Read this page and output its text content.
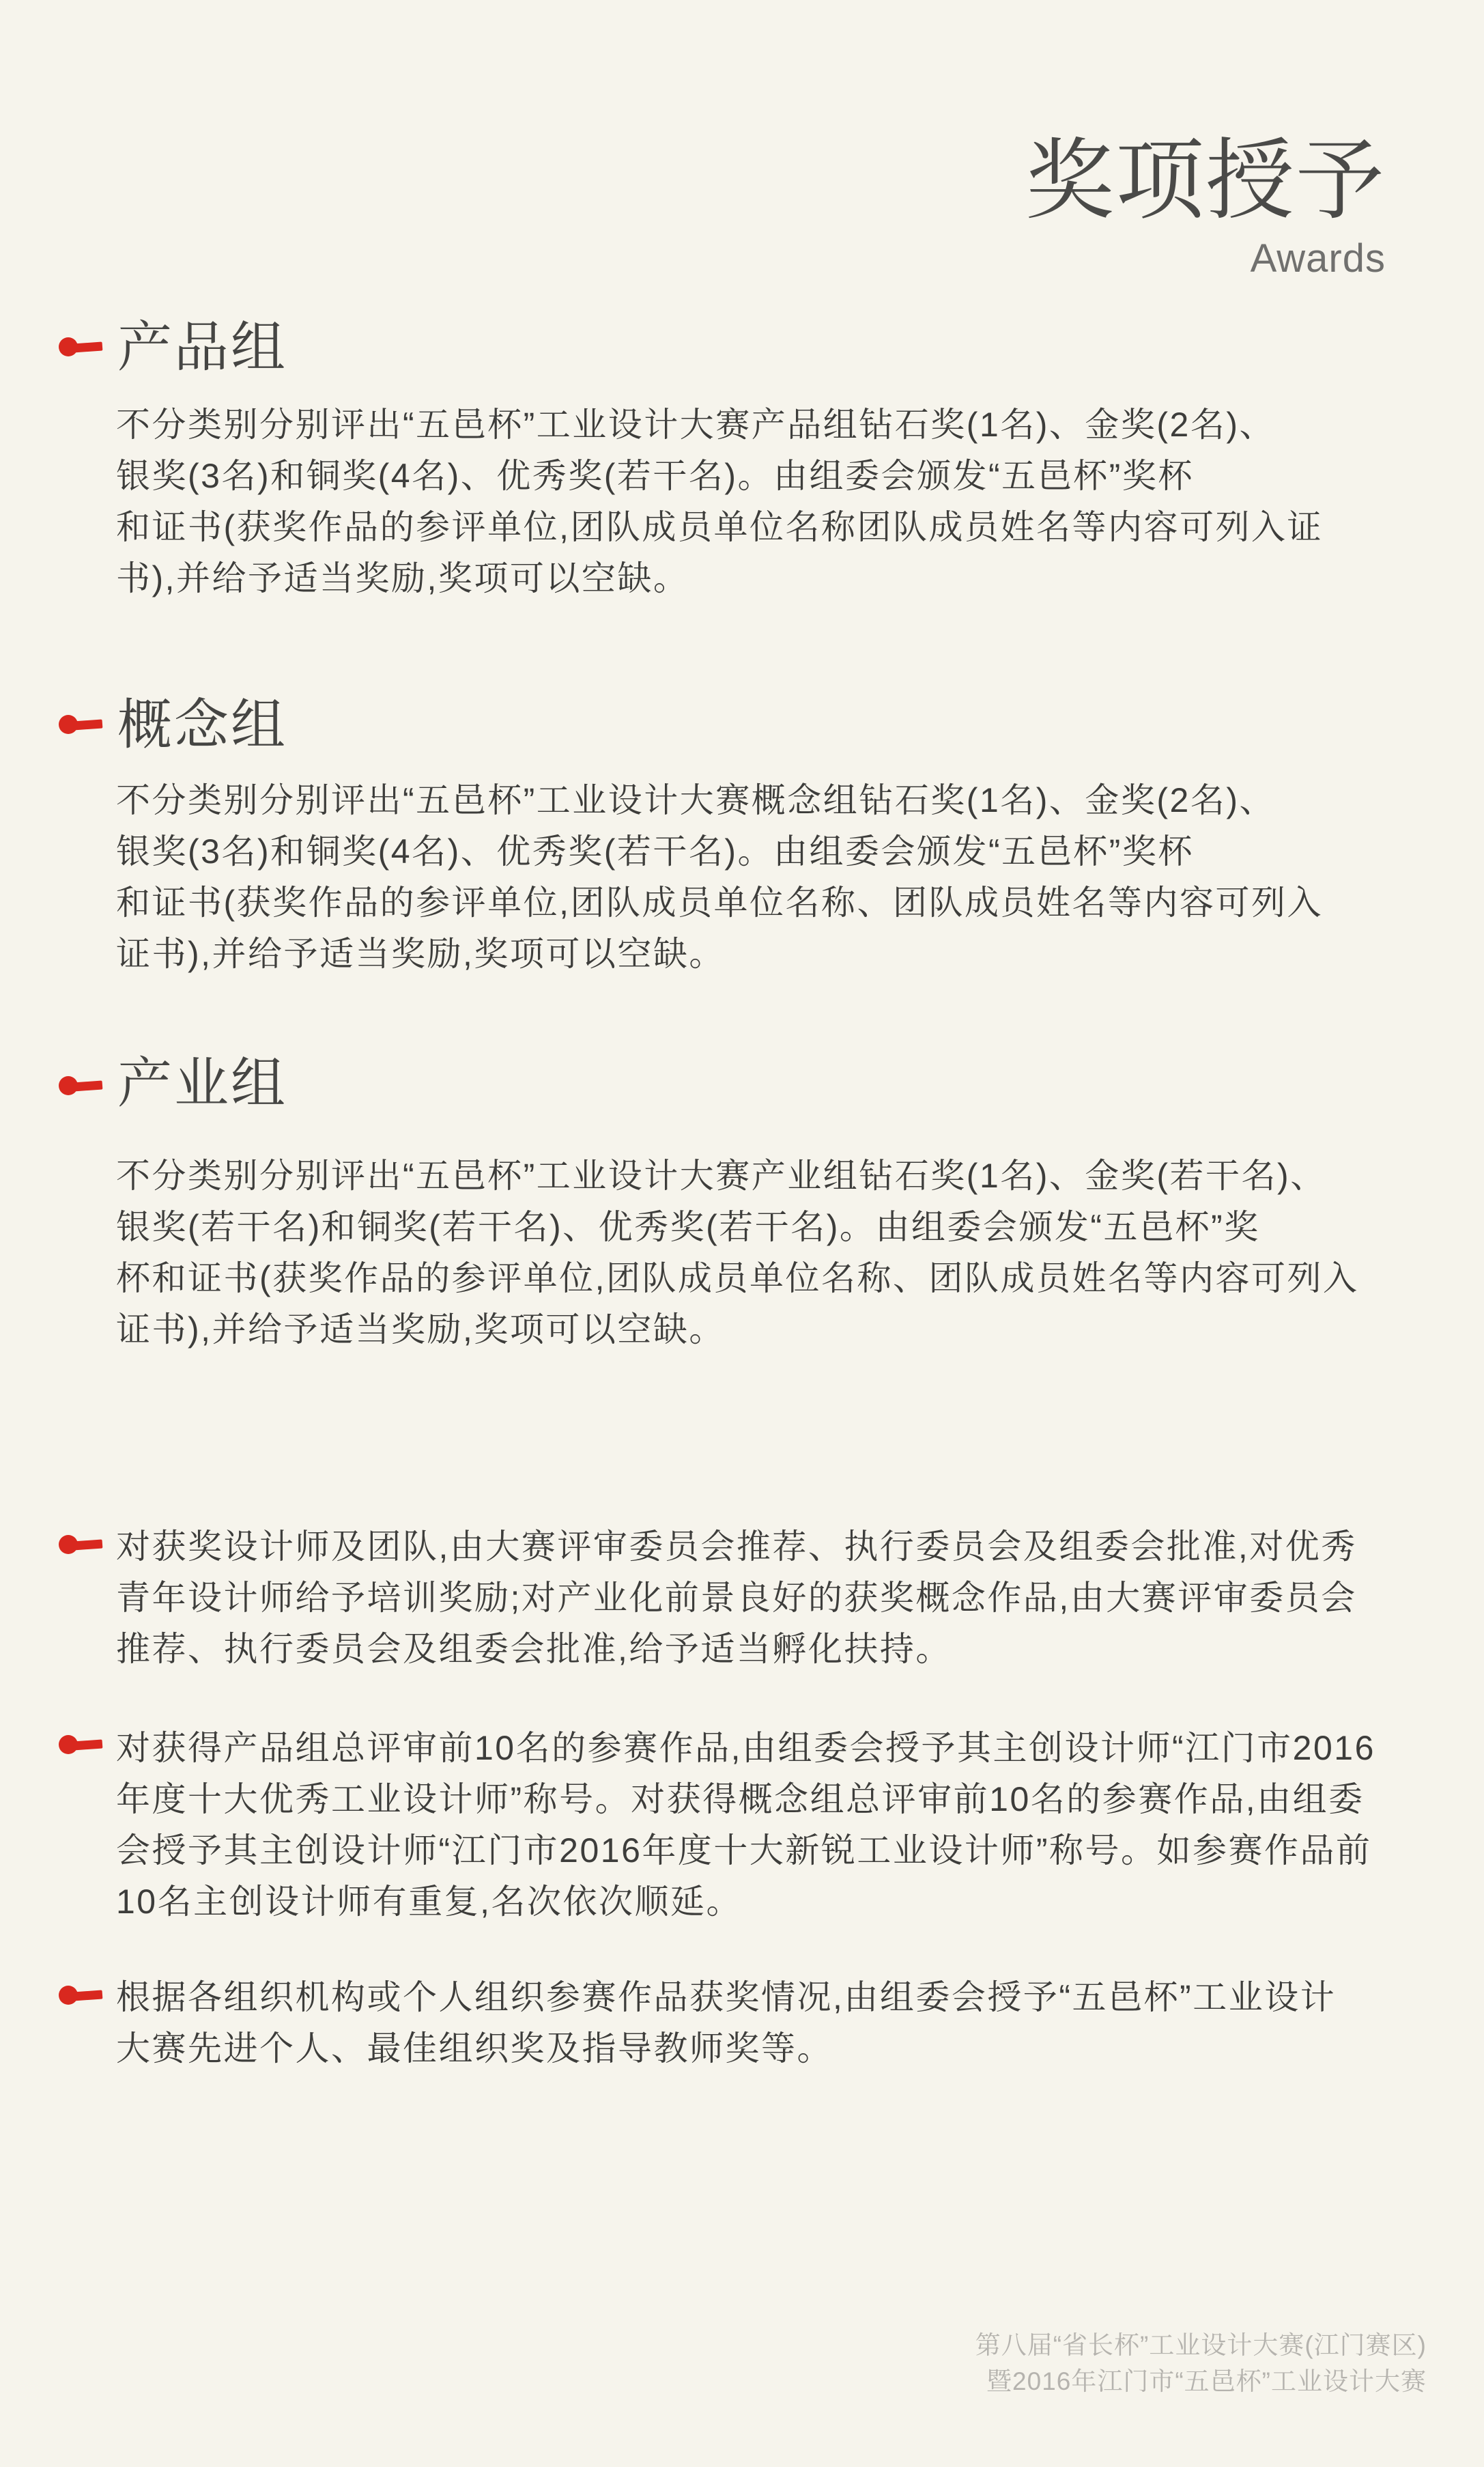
奖项授予
Awards
产品组
不分类别分别评出“五邑杯”工业设计大赛产品组钻石奖(1名)、金奖(2名)、
银奖(3名)和铜奖(4名)、优秀奖(若干名)。由组委会颁发“五邑杯”奖杯
和证书(获奖作品的参评单位,团队成员单位名称团队成员姓名等内容可列入证
书),并给予适当奖励,奖项可以空缺。
概念组
不分类别分别评出“五邑杯”工业设计大赛概念组钻石奖(1名)、金奖(2名)、
银奖(3名)和铜奖(4名)、优秀奖(若干名)。由组委会颁发“五邑杯”奖杯
和证书(获奖作品的参评单位,团队成员单位名称、团队成员姓名等内容可列入
证书),并给予适当奖励,奖项可以空缺。
产业组
不分类别分别评出“五邑杯”工业设计大赛产业组钻石奖(1名)、金奖(若干名)、
银奖(若干名)和铜奖(若干名)、优秀奖(若干名)。由组委会颁发“五邑杯”奖
杯和证书(获奖作品的参评单位,团队成员单位名称、团队成员姓名等内容可列入
证书),并给予适当奖励,奖项可以空缺。
对获奖设计师及团队,由大赛评审委员会推荐、执行委员会及组委会批准,对优秀
青年设计师给予培训奖励;对产业化前景良好的获奖概念作品,由大赛评审委员会
推荐、执行委员会及组委会批准,给予适当孵化扶持。
对获得产品组总评审前10名的参赛作品,由组委会授予其主创设计师“江门市2016
年度十大优秀工业设计师”称号。对获得概念组总评审前10名的参赛作品,由组委
会授予其主创设计师“江门市2016年度十大新锐工业设计师”称号。如参赛作品前
10名主创设计师有重复,名次依次顺延。
根据各组织机构或个人组织参赛作品获奖情况,由组委会授予“五邑杯”工业设计
大赛先进个人、最佳组织奖及指导教师奖等。
第八届“省长杯”工业设计大赛(江门赛区)
暨2016年江门市“五邑杯”工业设计大赛
